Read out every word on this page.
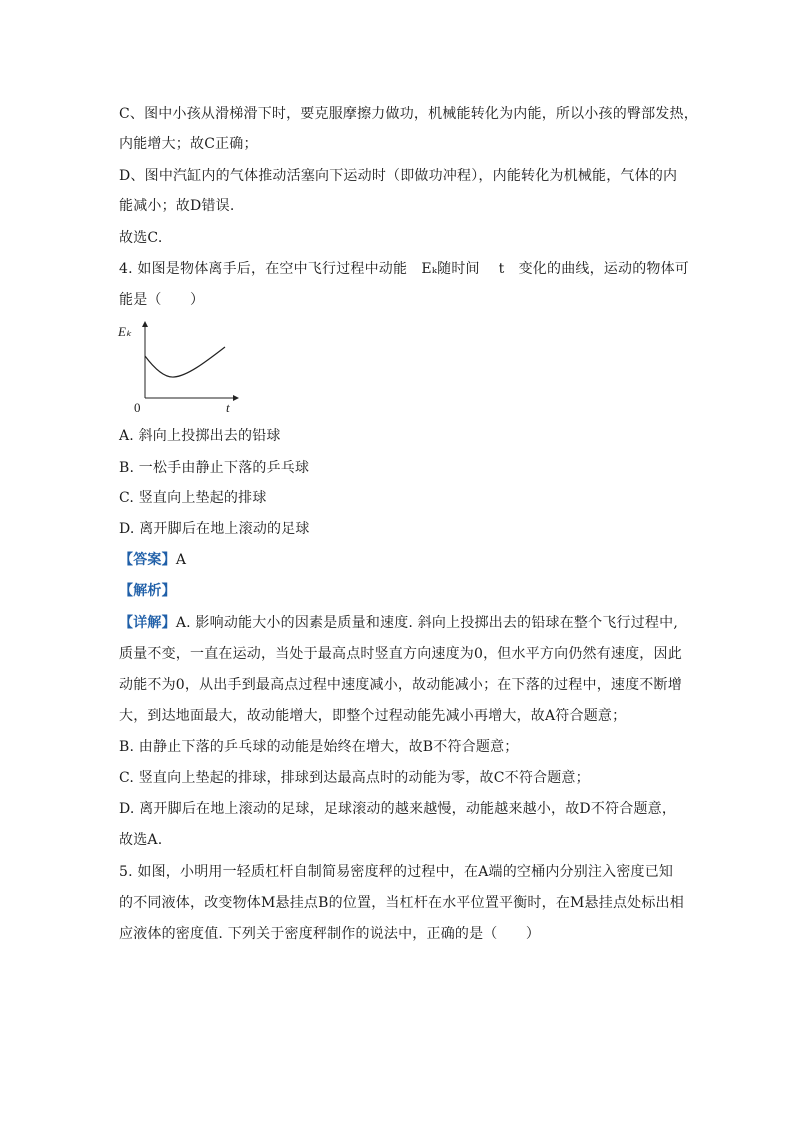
C、图中小孩从滑梯滑下时，要克服摩擦力做功，机械能转化为内能，所以小孩的臀部发热，
内能增大；故C正确；
D、图中汽缸内的气体推动活塞向下运动时（即做功冲程），内能转化为机械能，气体的内
能减小；故D错误.
故选C.
4. 如图是物体离手后，在空中飞行过程中动能　Eₖ随时间　 t　变化的曲线，运动的物体可
能是（　　）
Eₖ
0	t
A. 斜向上投掷出去的铅球
B. 一松手由静止下落的乒乓球
C. 竖直向上垫起的排球
D. 离开脚后在地上滚动的足球
【答案】A
【解析】
【详解】A. 影响动能大小的因素是质量和速度. 斜向上投掷出去的铅球在整个飞行过程中,
质量不变，一直在运动，当处于最高点时竖直方向速度为0，但水平方向仍然有速度，因此
动能不为0，从出手到最高点过程中速度减小，故动能减小；在下落的过程中，速度不断增
大，到达地面最大，故动能增大，即整个过程动能先减小再增大，故A符合题意；
B. 由静止下落的乒乓球的动能是始终在增大，故B不符合题意；
C. 竖直向上垫起的排球，排球到达最高点时的动能为零，故C不符合题意；
D. 离开脚后在地上滚动的足球，足球滚动的越来越慢，动能越来越小，故D不符合题意，
故选A.
5. 如图，小明用一轻质杠杆自制简易密度秤的过程中，在A端的空桶内分别注入密度已知
的不同液体，改变物体M悬挂点B的位置，当杠杆在水平位置平衡时，在M悬挂点处标出相
应液体的密度值. 下列关于密度秤制作的说法中，正确的是（　　）
